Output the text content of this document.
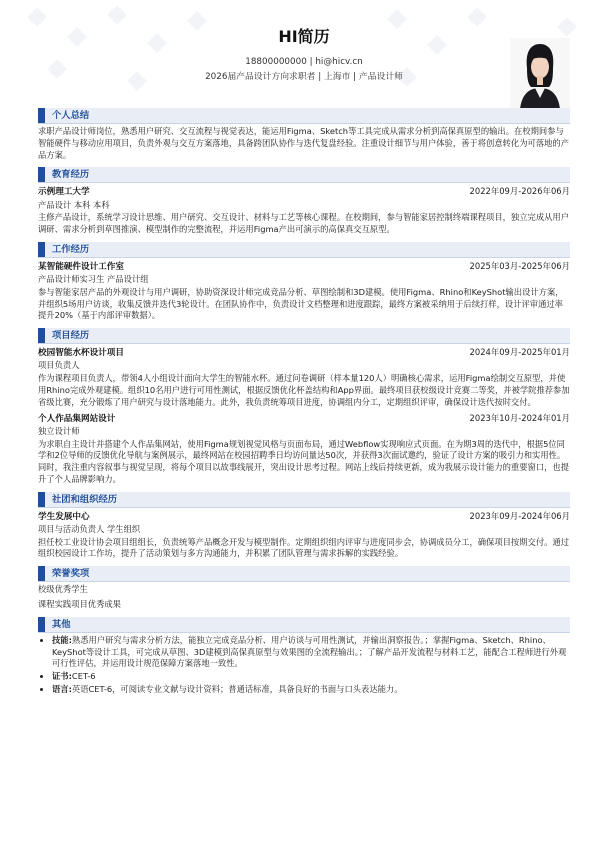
HI简历
18800000000 | hi@hicv.cn
2026届产品设计方向求职者 | 上海市 | 产品设计师
个人总结

求职产品设计师岗位，熟悉用户研究、交互流程与视觉表达，能运用Figma、Sketch等工具完成从需求分析到高保真原型的输出。在校期间参与智能硬件与移动应用项目，负责外观与交互方案落地，具备跨团队协作与迭代复盘经验。注重设计细节与用户体验，善于将创意转化为可落地的产品方案。

教育经历
示例理工大学	2022年09月-2026年06月
产品设计 本科 本科
主修产品设计，系统学习设计思维、用户研究、交互设计、材料与工艺等核心课程。在校期间，参与智能家居控制终端课程项目，独立完成从用户调研、需求分析到草图推演、模型制作的完整流程，并运用Figma产出可演示的高保真交互原型。
工作经历
某智能硬件设计工作室	2025年03月-2025年06月
产品设计师实习生 产品设计组
参与智能家居产品的外观设计与用户调研，协助资深设计师完成竞品分析、草图绘制和3D建模。使用Figma、Rhino和KeyShot输出设计方案，并组织5场用户访谈，收集反馈并迭代3轮设计。在团队协作中，负责设计文档整理和进度跟踪，最终方案被采纳用于后续打样，设计评审通过率提升20%（基于内部评审数据）。
项目经历
校园智能水杯设计项目	2024年09月-2025年01月
项目负责人
作为课程项目负责人，带领4人小组设计面向大学生的智能水杯。通过问卷调研（样本量120人）明确核心需求，运用Figma绘制交互原型，并使用Rhino完成外观建模。组织10名用户进行可用性测试，根据反馈优化杯盖结构和App界面。最终项目获校级设计竞赛二等奖，并被学院推荐参加省级比赛，充分锻炼了用户研究与设计落地能力。此外，我负责统筹项目进度，协调组内分工，定期组织评审，确保设计迭代按时交付。
个人作品集网站设计	2023年10月-2024年01月
独立设计师
为求职自主设计并搭建个人作品集网站，使用Figma规划视觉风格与页面布局，通过Webflow实现响应式页面。在为期3周的迭代中，根据5位同学和2位导师的反馈优化导航与案例展示，最终网站在校园招聘季日均访问量达50次，并获得3次面试邀约，验证了设计方案的吸引力和实用性。同时，我注重内容叙事与视觉呈现，将每个项目以故事线展开，突出设计思考过程。网站上线后持续更新，成为我展示设计能力的重要窗口，也提升了个人品牌影响力。
社团和组织经历
学生发展中心	2023年09月-2024年06月
项目与活动负责人 学生组织
担任校工业设计协会项目组组长，负责统筹产品概念开发与模型制作。定期组织组内评审与进度同步会，协调成员分工，确保项目按期交付。通过组织校园设计工作坊，提升了活动策划与多方沟通能力，并积累了团队管理与需求拆解的实践经验。
荣誉奖项
校级优秀学生
课程实践项目优秀成果
其他
• 技能:熟悉用户研究与需求分析方法，能独立完成竞品分析、用户访谈与可用性测试，并输出洞察报告。；掌握Figma、Sketch、Rhino、KeyShot等设计工具，可完成从草图、3D建模到高保真原型与效果图的全流程输出。；了解产品开发流程与材料工艺，能配合工程师进行外观可行性评估，并运用设计规范保障方案落地一致性。
• 证书:CET-6
• 语言:英语CET-6，可阅读专业文献与设计资料；普通话标准，具备良好的书面与口头表达能力。
